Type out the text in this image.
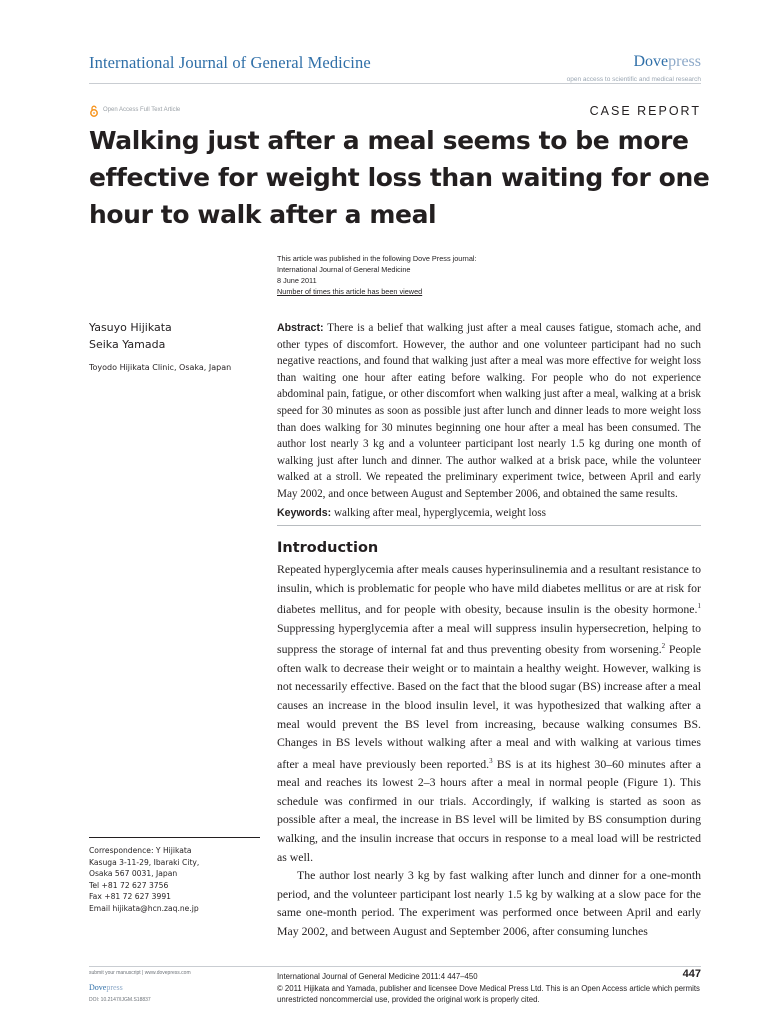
International Journal of General Medicine	Dovepress
open access to scientific and medical research
Open Access Full Text Article	CASE REPORT
Walking just after a meal seems to be more effective for weight loss than waiting for one hour to walk after a meal
This article was published in the following Dove Press journal:
International Journal of General Medicine
8 June 2011
Number of times this article has been viewed
Yasuyo Hijikata
Seika Yamada
Toyodo Hijikata Clinic, Osaka, Japan
Abstract: There is a belief that walking just after a meal causes fatigue, stomach ache, and other types of discomfort. However, the author and one volunteer participant had no such negative reactions, and found that walking just after a meal was more effective for weight loss than waiting one hour after eating before walking. For people who do not experience abdominal pain, fatigue, or other discomfort when walking just after a meal, walking at a brisk speed for 30 minutes as soon as possible just after lunch and dinner leads to more weight loss than does walking for 30 minutes beginning one hour after a meal has been consumed. The author lost nearly 3 kg and a volunteer participant lost nearly 1.5 kg during one month of walking just after lunch and dinner. The author walked at a brisk pace, while the volunteer walked at a stroll. We repeated the preliminary experiment twice, between April and early May 2002, and once between August and September 2006, and obtained the same results.
Keywords: walking after meal, hyperglycemia, weight loss
Introduction

Repeated hyperglycemia after meals causes hyperinsulinemia and a resultant resistance to insulin, which is problematic for people who have mild diabetes mellitus or are at risk for diabetes mellitus, and for people with obesity, because insulin is the obesity hormone.$^1$ Suppressing hyperglycemia after a meal will suppress insulin hypersecretion, helping to suppress the storage of internal fat and thus preventing obesity from worsening.$^2$ People often walk to decrease their weight or to maintain a healthy weight. However, walking is not necessarily effective. Based on the fact that the blood sugar (BS) increase after a meal causes an increase in the blood insulin level, it was hypothesized that walking after a meal would prevent the BS level from increasing, because walking consumes BS. Changes in BS levels without walking after a meal and with walking at various times after a meal have previously been reported.$^3$ BS is at its highest 30–60 minutes after a meal and reaches its lowest 2–3 hours after a meal in normal people (Figure 1). This schedule was confirmed in our trials. Accordingly, if walking is started as soon as possible after a meal, the increase in BS level will be limited by BS consumption during walking, and the insulin increase that occurs in response to a meal load will be restricted as well.

The author lost nearly 3 kg by fast walking after lunch and dinner for a one-month period, and the volunteer participant lost nearly 1.5 kg by walking at a slow pace for the same one-month period. The experiment was performed once between April and early May 2002, and between August and September 2006, after consuming lunches

Correspondence: Y Hijikata
Kasuga 3-11-29, Ibaraki City,
Osaka 567 0031, Japan
Tel +81 72 627 3756
Fax +81 72 627 3991
Email hijikata@hcn.zaq.ne.jp
submit your manuscript | www.dovepress.com
Dovepress
DOI: 10.2147/IJGM.S18837
International Journal of General Medicine 2011:4 447–450	447
© 2011 Hijikata and Yamada, publisher and licensee Dove Medical Press Ltd. This is an Open Access article which permits unrestricted noncommercial use, provided the original work is properly cited.
